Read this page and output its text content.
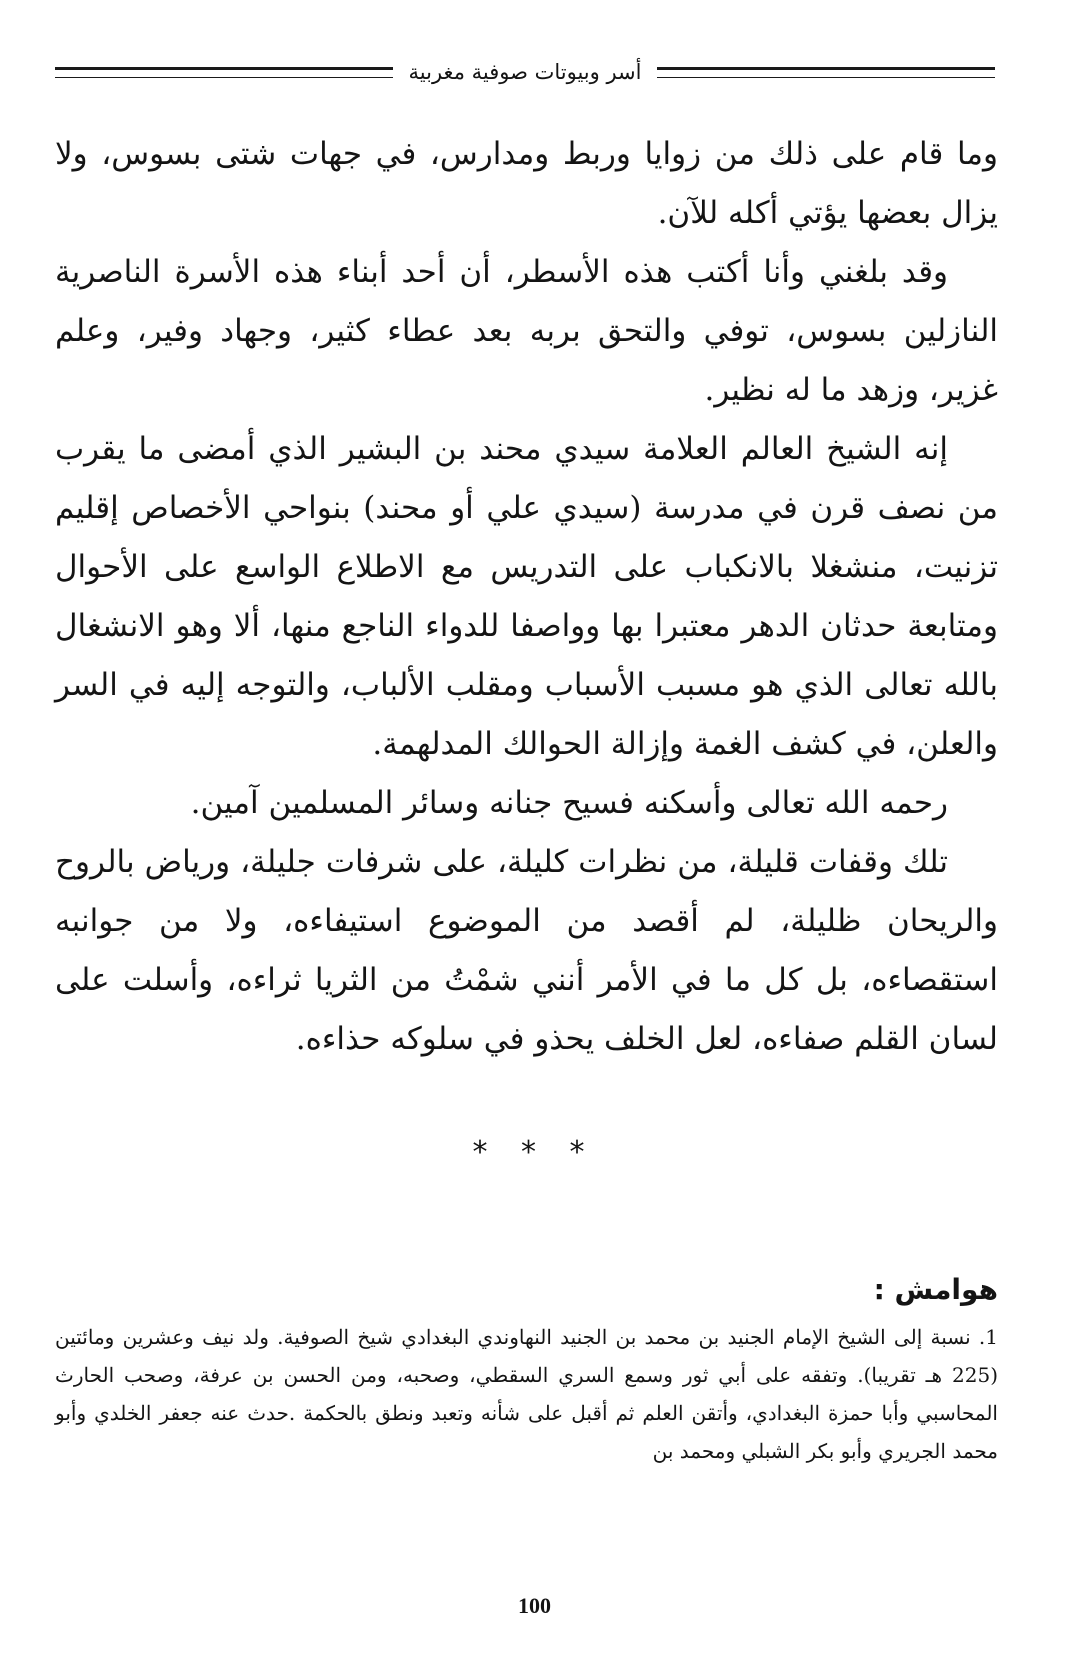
أسر وبيوتات صوفية مغربية

وما قام على ذلك من زوايا وربط ومدارس، في جهات شتى بسوس، ولا يزال بعضها يؤتي أكله للآن.

وقد بلغني وأنا أكتب هذه الأسطر، أن أحد أبناء هذه الأسرة الناصرية النازلين بسوس، توفي والتحق بربه بعد عطاء كثير، وجهاد وفير، وعلم غزير، وزهد ما له نظير.

إنه الشيخ العالم العلامة سيدي محند بن البشير الذي أمضى ما يقرب من نصف قرن في مدرسة (سيدي علي أو محند) بنواحي الأخصاص إقليم تزنيت، منشغلا بالانكباب على التدريس مع الاطلاع الواسع على الأحوال ومتابعة حدثان الدهر معتبرا بها وواصفا للدواء الناجع منها، ألا وهو الانشغال بالله تعالى الذي هو مسبب الأسباب ومقلب الألباب، والتوجه إليه في السر والعلن، في كشف الغمة وإزالة الحوالك المدلهمة.

رحمه الله تعالى وأسكنه فسيح جنانه وسائر المسلمين آمين.

تلك وقفات قليلة، من نظرات كليلة، على شرفات جليلة، ورياض بالروح والريحان ظليلة، لم أقصد من الموضوع استيفاءه، ولا من جوانبه استقصاءه، بل كل ما في الأمر أنني شمْتُ من الثريا ثراءه، وأسلت على لسان القلم صفاءه، لعل الخلف يحذو في سلوكه حذاءه.

* * *

هوامش :

1. نسبة إلى الشيخ الإمام الجنيد بن محمد بن الجنيد النهاوندي البغدادي شيخ الصوفية. ولد نيف وعشرين ومائتين (225 هـ تقريبا). وتفقه على أبي ثور وسمع السري السقطي، وصحبه، ومن الحسن بن عرفة، وصحب الحارث المحاسبي وأبا حمزة البغدادي، وأتقن العلم ثم أقبل على شأنه وتعبد ونطق بالحكمة .حدث عنه جعفر الخلدي وأبو محمد الجريري وأبو بكر الشبلي ومحمد بن

100
